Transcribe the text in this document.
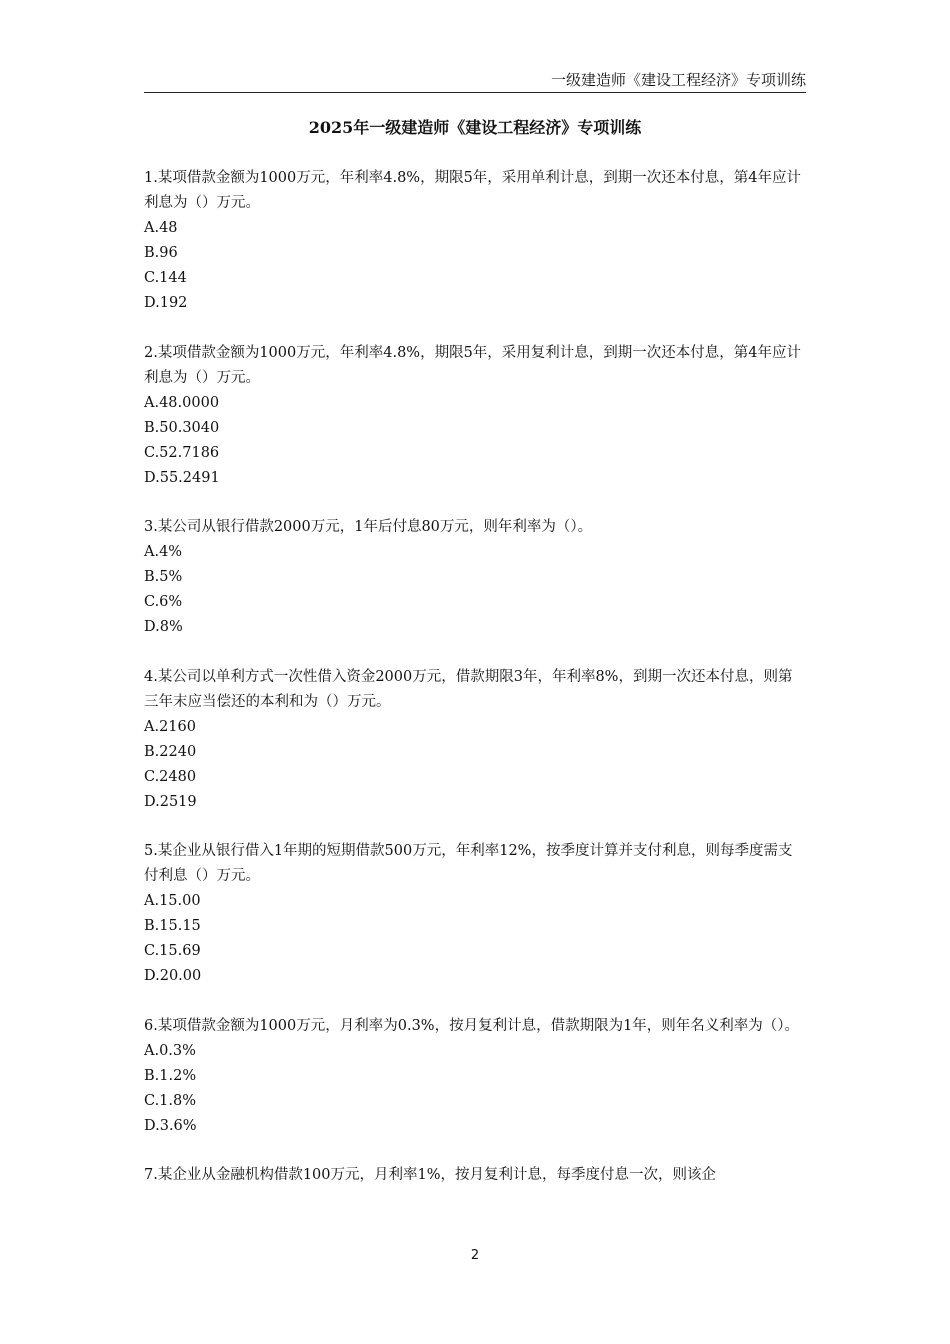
一级建造师《建设工程经济》专项训练
2025年一级建造师《建设工程经济》专项训练
1.某项借款金额为1000万元，年利率4.8%，期限5年，采用单利计息，到期一次还本付息，第4年应计利息为（）万元。
A.48
B.96
C.144
D.192
2.某项借款金额为1000万元，年利率4.8%，期限5年，采用复利计息，到期一次还本付息，第4年应计利息为（）万元。
A.48.0000
B.50.3040
C.52.7186
D.55.2491
3.某公司从银行借款2000万元，1年后付息80万元，则年利率为（）。
A.4%
B.5%
C.6%
D.8%
4.某公司以单利方式一次性借入资金2000万元，借款期限3年，年利率8%，到期一次还本付息，则第三年末应当偿还的本利和为（）万元。
A.2160
B.2240
C.2480
D.2519
5.某企业从银行借入1年期的短期借款500万元，年利率12%，按季度计算并支付利息，则每季度需支付利息（）万元。
A.15.00
B.15.15
C.15.69
D.20.00
6.某项借款金额为1000万元，月利率为0.3%，按月复利计息，借款期限为1年，则年名义利率为（）。
A.0.3%
B.1.2%
C.1.8%
D.3.6%
7.某企业从金融机构借款100万元，月利率1%，按月复利计息，每季度付息一次，则该企
2
